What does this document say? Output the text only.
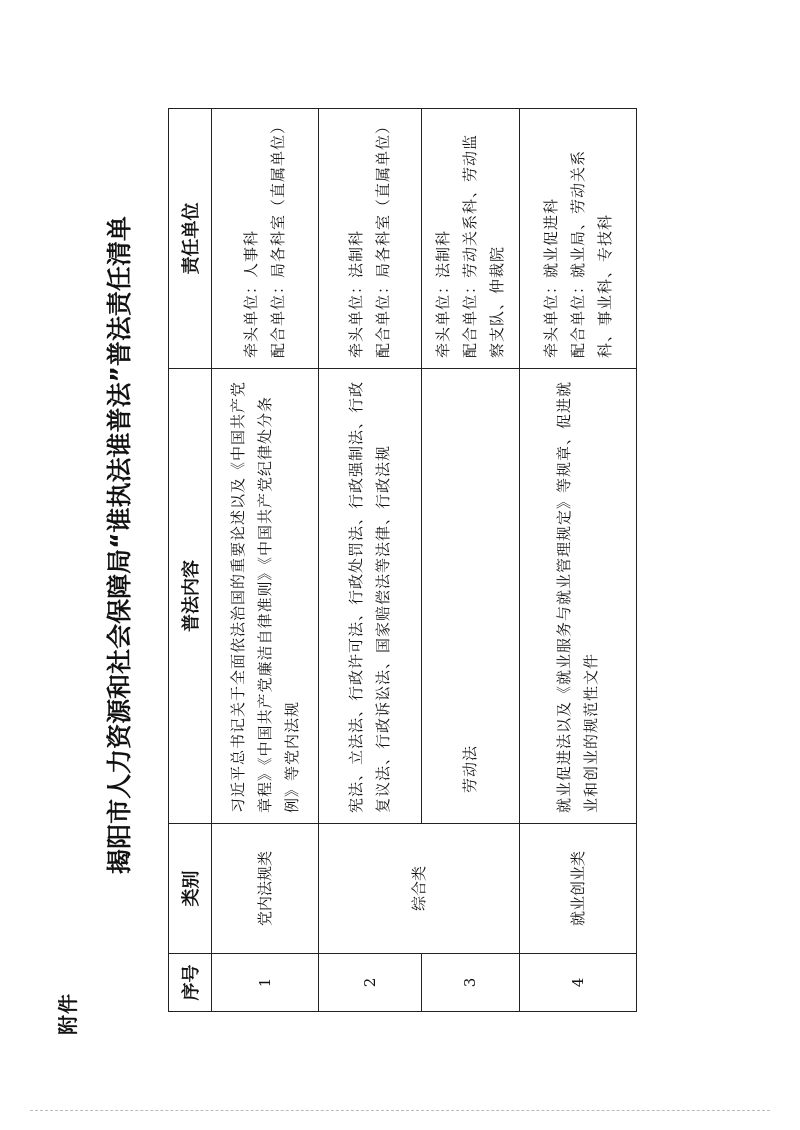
附件
揭阳市人力资源和社会保障局“谁执法谁普法”普法责任清单
序号	类别	普法内容	责任单位
1	党内法规类	习近平总书记关于全面依法治国的重要论述以及《中国共产党章程》《中国共产党廉洁自律准则》《中国共产党纪律处分条例》等党内法规	牵头单位：人事科 配合单位：局各科室（直属单位）

2	综合类	宪法、立法法、行政许可法、行政处罚法、行政强制法、行政复议法、行政诉讼法、国家赔偿法等法律、行政法规	牵头单位：法制科 配合单位：局各科室（直属单位）

3		劳动法	牵头单位：法制科 配合单位：劳动关系科、劳动监察支队、仲裁院

4	就业创业类	就业促进法以及《就业服务与就业管理规定》等规章、促进就业和创业的规范性文件	牵头单位：就业促进科 配合单位：就业局、劳动关系科、事业科、专技科
